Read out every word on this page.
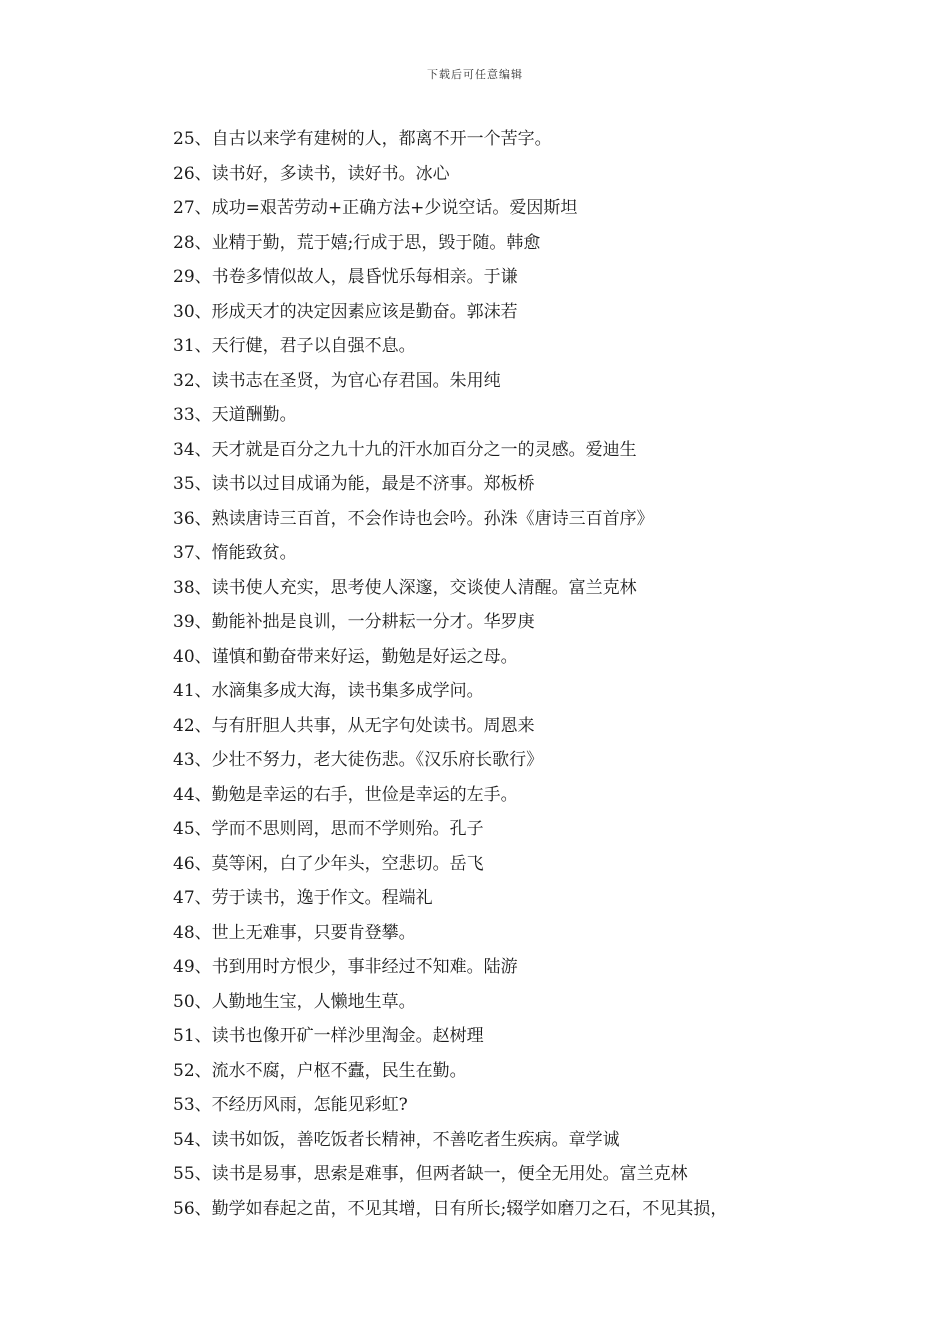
下载后可任意编辑
25、自古以来学有建树的人，都离不开一个苦字。
26、读书好，多读书，读好书。冰心
27、成功=艰苦劳动+正确方法+少说空话。爱因斯坦
28、业精于勤，荒于嬉;行成于思，毁于随。韩愈
29、书卷多情似故人，晨昏忧乐每相亲。于谦
30、形成天才的决定因素应该是勤奋。郭沫若
31、天行健，君子以自强不息。
32、读书志在圣贤，为官心存君国。朱用纯
33、天道酬勤。
34、天才就是百分之九十九的汗水加百分之一的灵感。爱迪生
35、读书以过目成诵为能，最是不济事。郑板桥
36、熟读唐诗三百首，不会作诗也会吟。孙洙《唐诗三百首序》
37、惰能致贫。
38、读书使人充实，思考使人深邃，交谈使人清醒。富兰克林
39、勤能补拙是良训，一分耕耘一分才。华罗庚
40、谨慎和勤奋带来好运，勤勉是好运之母。
41、水滴集多成大海，读书集多成学问。
42、与有肝胆人共事，从无字句处读书。周恩来
43、少壮不努力，老大徒伤悲。《汉乐府长歌行》
44、勤勉是幸运的右手，世俭是幸运的左手。
45、学而不思则罔，思而不学则殆。孔子
46、莫等闲，白了少年头，空悲切。岳飞
47、劳于读书，逸于作文。程端礼
48、世上无难事，只要肯登攀。
49、书到用时方恨少，事非经过不知难。陆游
50、人勤地生宝，人懒地生草。
51、读书也像开矿一样沙里淘金。赵树理
52、流水不腐，户枢不蠹，民生在勤。
53、不经历风雨，怎能见彩虹?
54、读书如饭，善吃饭者长精神，不善吃者生疾病。章学诚
55、读书是易事，思索是难事，但两者缺一，便全无用处。富兰克林
56、勤学如春起之苗，不见其增，日有所长;辍学如磨刀之石，不见其损，
